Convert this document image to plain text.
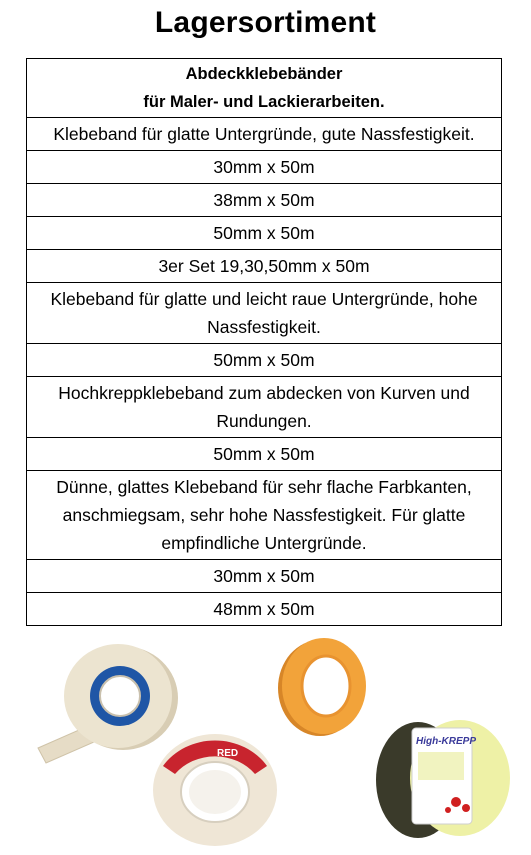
Lagersortiment
Abdeckklebebänder
für Maler- und Lackierarbeiten.
Klebeband für glatte Untergründe, gute Nassfestigkeit.
30mm x 50m
38mm x 50m
50mm x 50m
3er Set 19,30,50mm x 50m
Klebeband für glatte und leicht raue Untergründe, hohe Nassfestigkeit.
50mm x 50m
Hochkreppklebeband zum abdecken von Kurven und Rundungen.
50mm x 50m
Dünne, glattes Klebeband für sehr flache Farbkanten, anschmiegsam, sehr hohe Nassfestigkeit. Für glatte empfindliche Untergründe.
30mm x 50m
48mm x 50m
RED
High-KREPP
